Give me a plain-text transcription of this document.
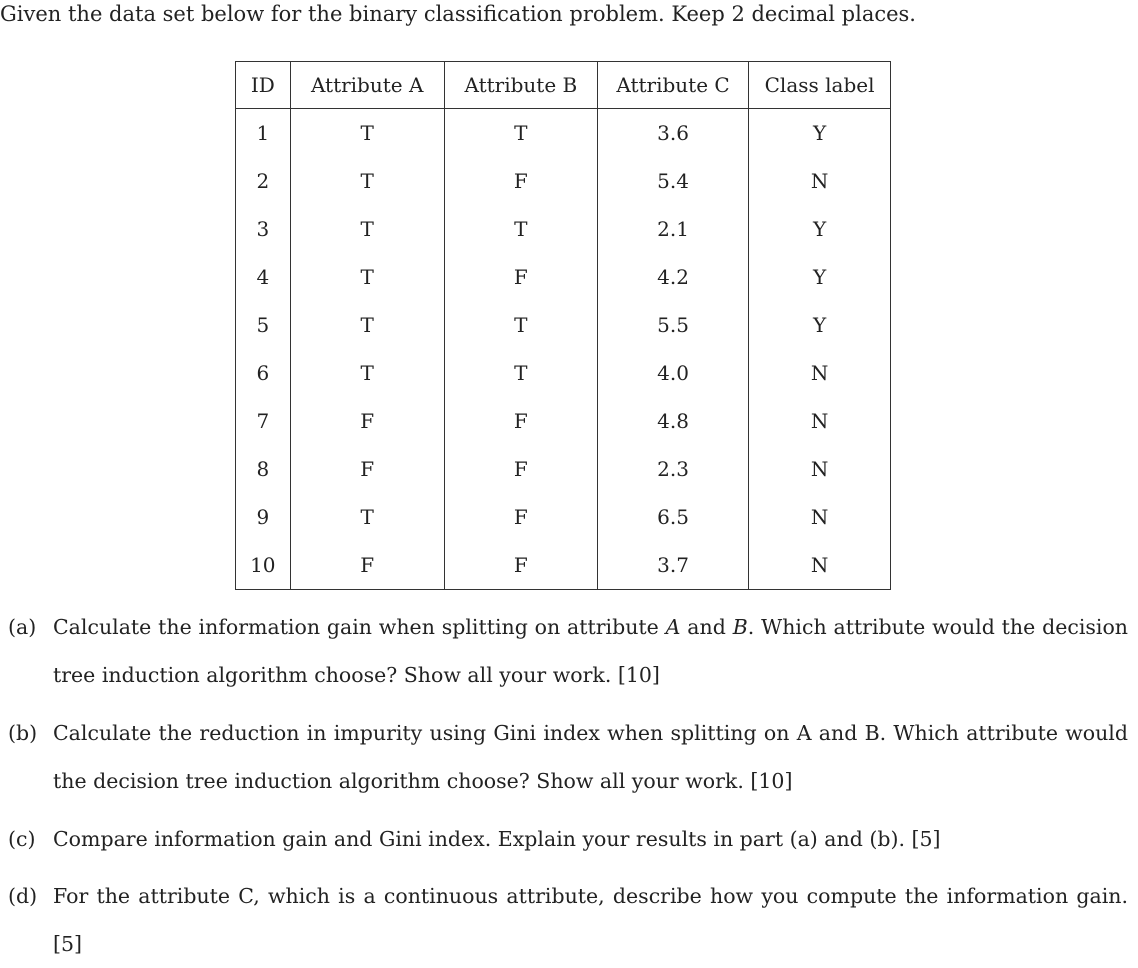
Given the data set below for the binary classification problem. Keep 2 decimal places.
ID	Attribute A	Attribute B	Attribute C	Class label
1	T	T	3.6	Y
2	T	F	5.4	N
3	T	T	2.1	Y
4	T	F	4.2	Y
5	T	T	5.5	Y
6	T	T	4.0	N
7	F	F	4.8	N
8	F	F	2.3	N
9	T	F	6.5	N
10	F	F	3.7	N
(a) Calculate the information gain when splitting on attribute A and B. Which attribute would the decision
tree induction algorithm choose? Show all your work. [10]
(b) Calculate the reduction in impurity using Gini index when splitting on A and B. Which attribute would
the decision tree induction algorithm choose? Show all your work. [10]
(c) Compare information gain and Gini index. Explain your results in part (a) and (b). [5]
(d) For the attribute C, which is a continuous attribute, describe how you compute the information gain.
[5]
